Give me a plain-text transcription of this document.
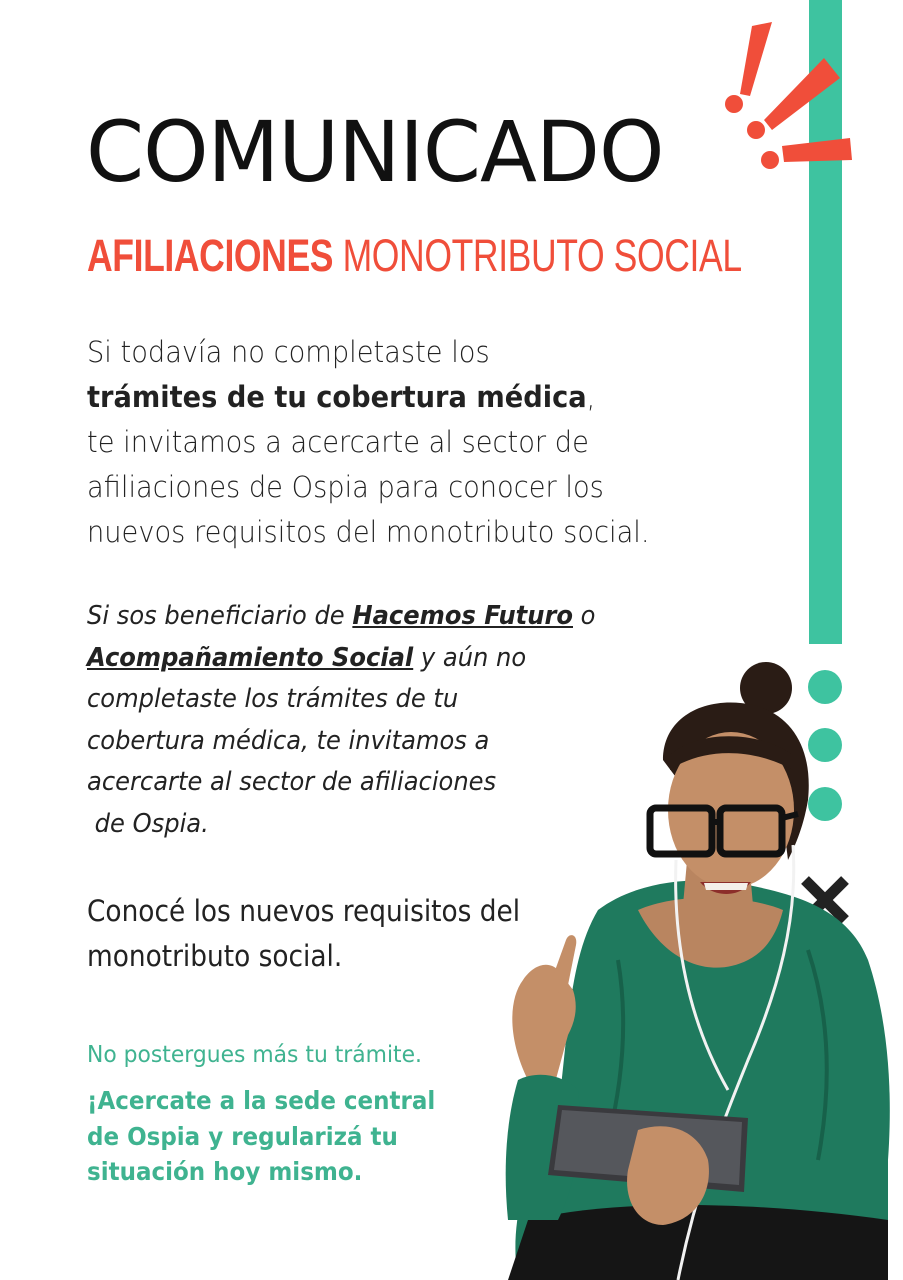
COMUNICADO
AFILIACIONES MONOTRIBUTO SOCIAL
Si todavía no completaste los
trámites de tu cobertura médica,
te invitamos a acercarte al sector de
afiliaciones de Ospia para conocer los
nuevos requisitos del monotributo social.
Si sos beneficiario de Hacemos Futuro o
Acompañamiento Social y aún no
completaste los trámites de tu
cobertura médica, te invitamos a
acercarte al sector de afiliaciones
de Ospia.
Conocé los nuevos requisitos del
monotributo social.
No postergues más tu trámite.
¡Acercate a la sede central
de Ospia y regularizá tu
situación hoy mismo.
